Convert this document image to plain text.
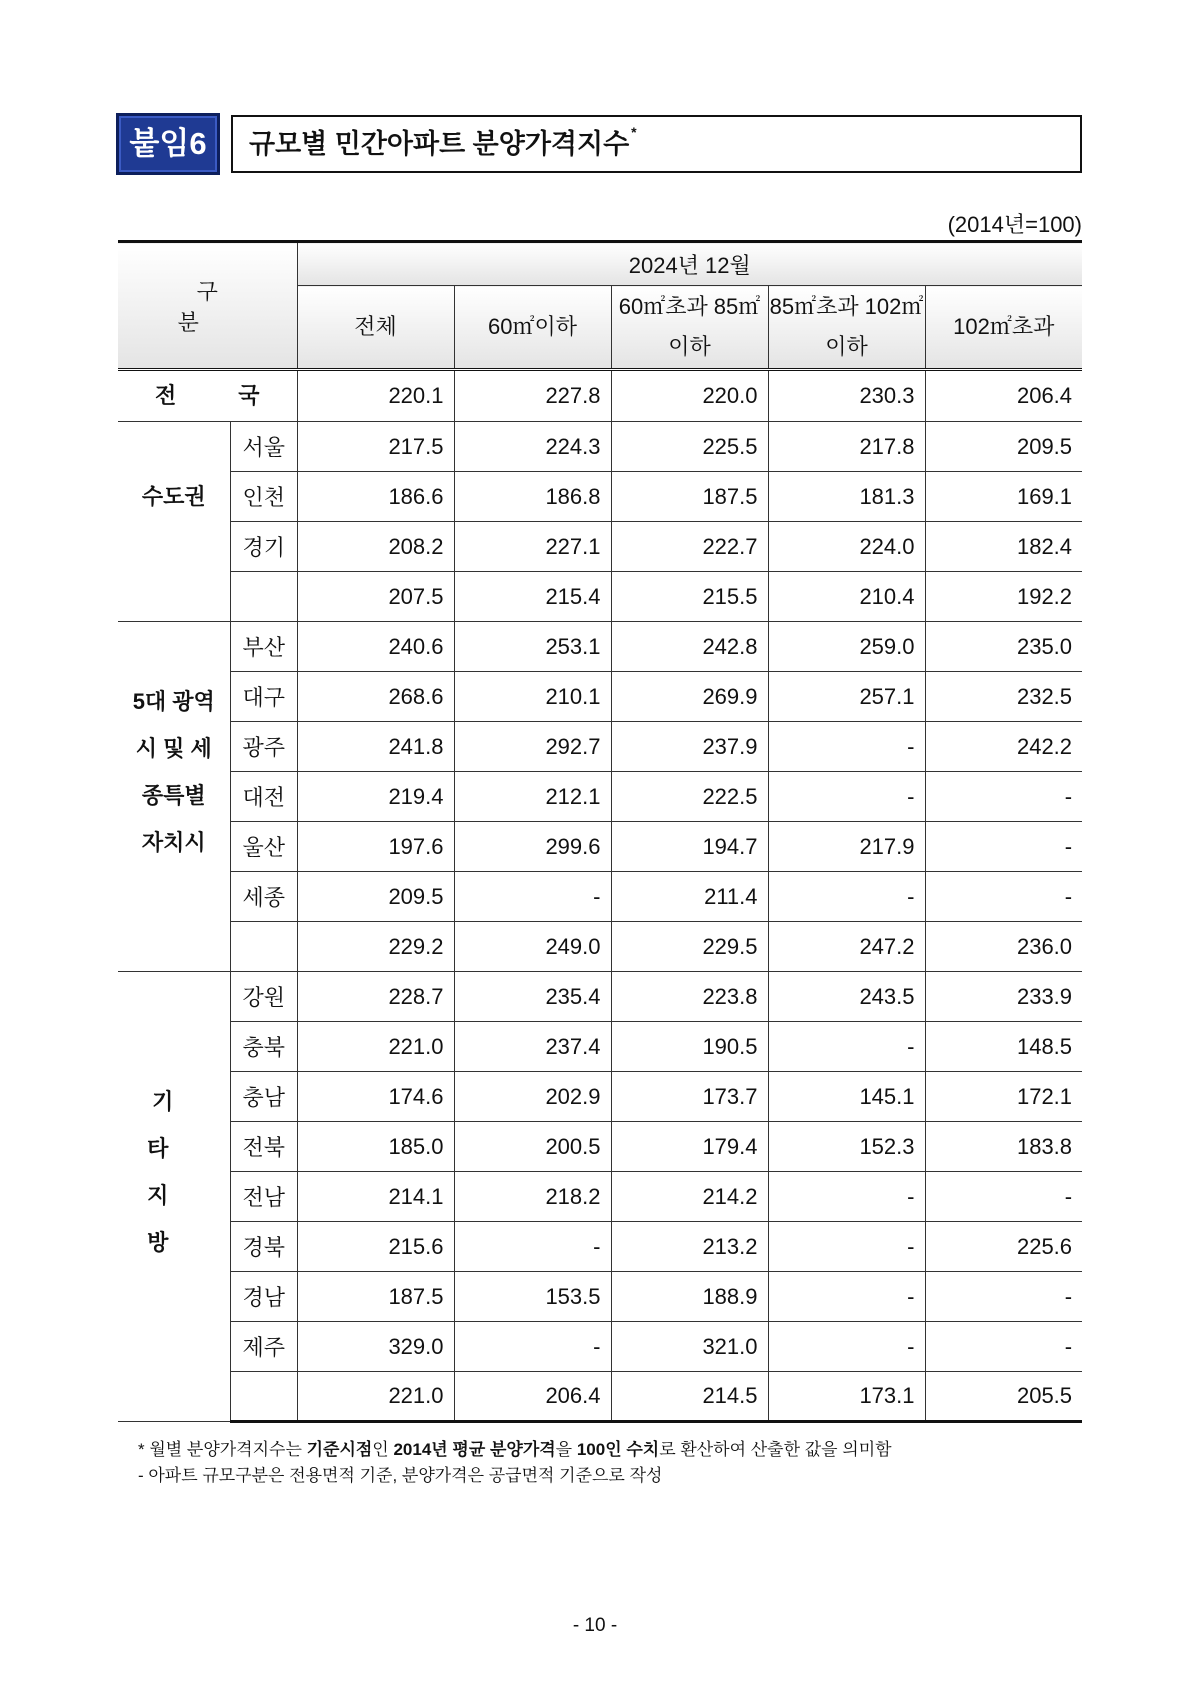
붙임6	규모별 민간아파트 분양가격지수 *
(2014년=100)
구 분		2024년 12월				
		전체	60㎡이하	60㎡초과 85㎡이하	85㎡초과 102㎡이하	102㎡초과
전 국		220.1	227.8	220.0	230.3	206.4
수도권	서울	217.5	224.3	225.5	217.8	209.5
	인천	186.6	186.8	187.5	181.3	169.1
	경기	208.2	227.1	222.7	224.0	182.4
		207.5	215.4	215.5	210.4	192.2
5대 광역시 및 세종특별자치시	부산	240.6	253.1	242.8	259.0	235.0
	대구	268.6	210.1	269.9	257.1	232.5
	광주	241.8	292.7	237.9	-	242.2
	대전	219.4	212.1	222.5	-	-
	울산	197.6	299.6	194.7	217.9	-
	세종	209.5	-	211.4	-	-
		229.2	249.0	229.5	247.2	236.0
기타 지방	강원	228.7	235.4	223.8	243.5	233.9
	충북	221.0	237.4	190.5	-	148.5
	충남	174.6	202.9	173.7	145.1	172.1
	전북	185.0	200.5	179.4	152.3	183.8
	전남	214.1	218.2	214.2	-	-
	경북	215.6	-	213.2	-	225.6
	경남	187.5	153.5	188.9	-	-
	제주	329.0	-	321.0	-	-
		221.0	206.4	214.5	173.1	205.5
* 월별 분양가격지수는 기준시점인 2014년 평균 분양가격을 100인 수치로 환산하여 산출한 값을 의미함
- 아파트 규모구분은 전용면적 기준, 분양가격은 공급면적 기준으로 작성
- 10 -
